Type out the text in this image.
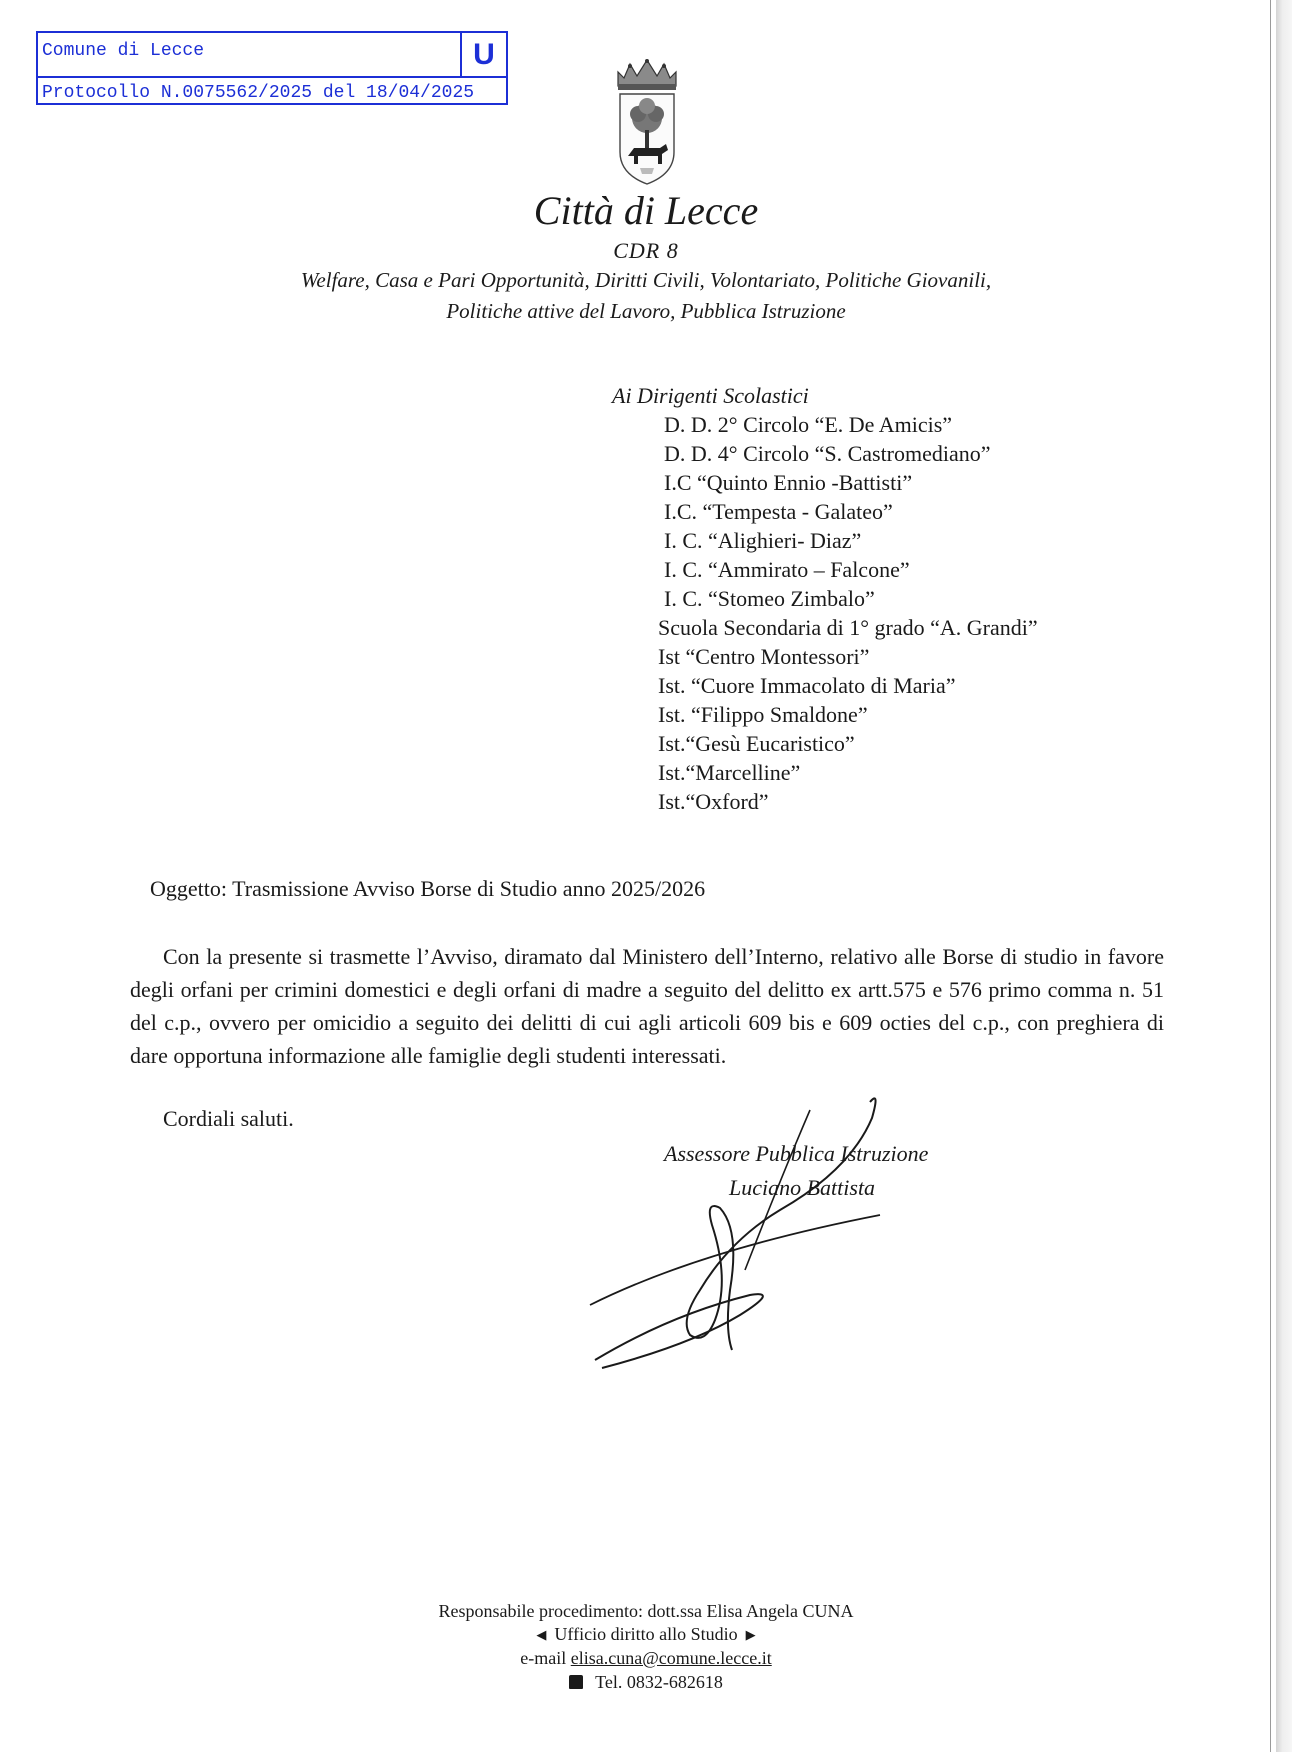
Comune di Lecce	U
Protocollo N.0075562/2025 del 18/04/2025
Città di Lecce
CDR 8
Welfare, Casa e Pari Opportunità, Diritti Civili, Volontariato, Politiche Giovanili,
Politiche attive del Lavoro, Pubblica Istruzione
Ai Dirigenti Scolastici
D. D. 2° Circolo “E. De Amicis”
D. D. 4° Circolo “S. Castromediano”
I.C “Quinto Ennio -Battisti”
I.C. “Tempesta - Galateo”
I. C. “Alighieri- Diaz”
I. C. “Ammirato – Falcone”
I. C. “Stomeo Zimbalo”
Scuola Secondaria di 1° grado “A. Grandi”
Ist “Centro Montessori”
Ist. “Cuore Immacolato di Maria”
Ist. “Filippo Smaldone”
Ist.“Gesù Eucaristico”
Ist.“Marcelline”
Ist.“Oxford”
Oggetto: Trasmissione Avviso Borse di Studio anno 2025/2026

Con la presente si trasmette l’Avviso, diramato dal Ministero dell’Interno, relativo alle Borse di studio in favore degli orfani per crimini domestici e degli orfani di madre a seguito del delitto ex artt.575 e 576 primo comma n. 51 del c.p., ovvero per omicidio a seguito dei delitti di cui agli articoli 609 bis e 609 octies del c.p., con preghiera di dare opportuna informazione alle famiglie degli studenti interessati.

Cordiali saluti.
Assessore Pubblica Istruzione
Luciano Battista
Responsabile procedimento: dott.ssa Elisa Angela CUNA
◀ Ufficio diritto allo Studio ▶
e-mail elisa.cuna@comune.lecce.it
Tel. 0832-682618
